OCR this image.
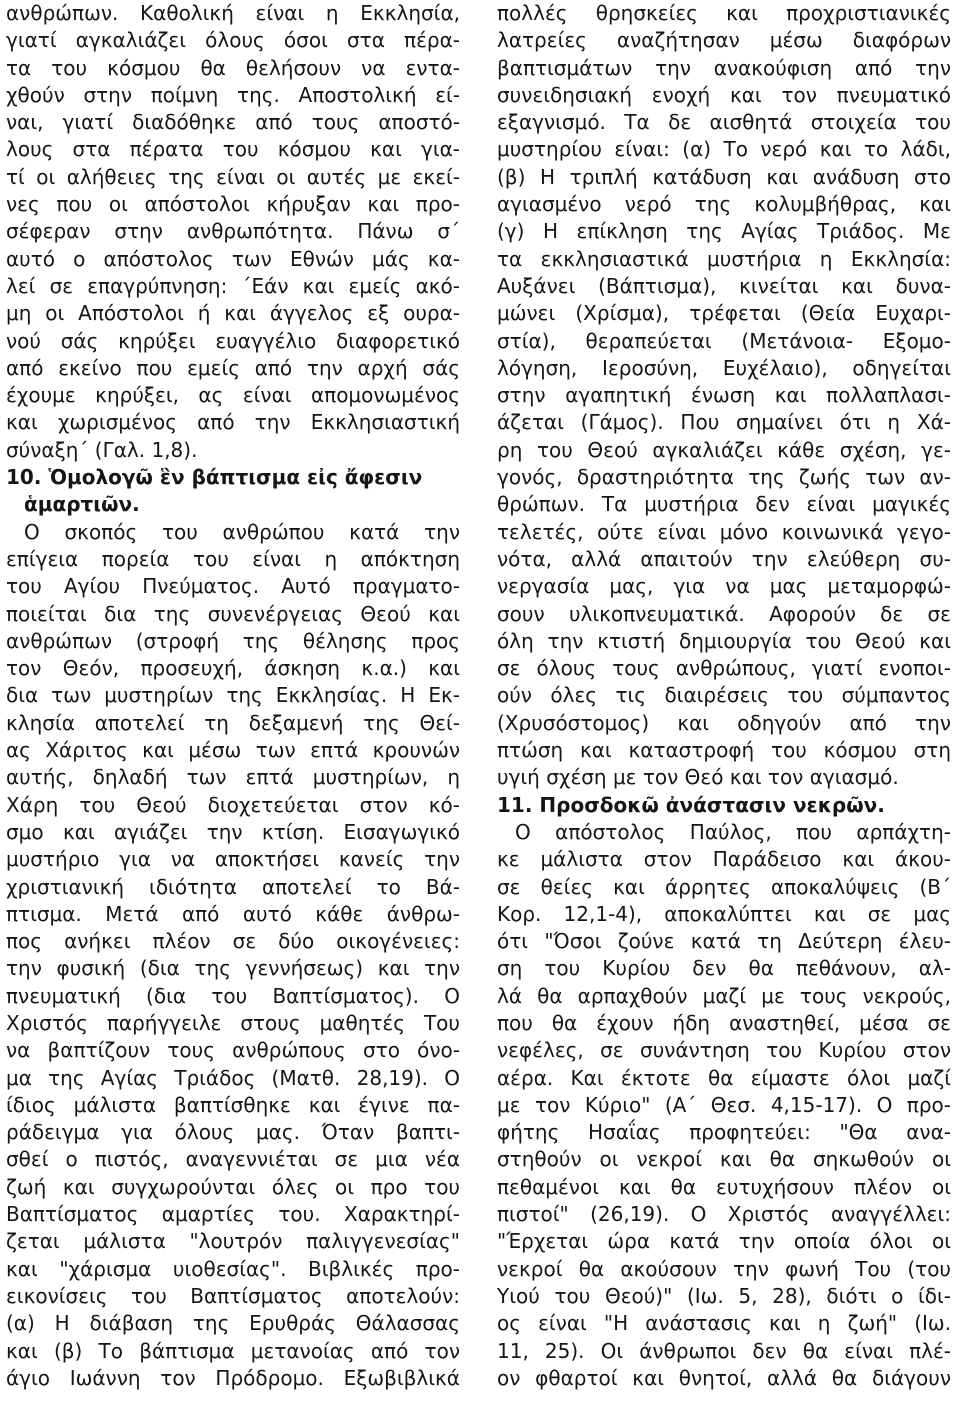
ανθρώπων. Καθολική είναι η Εκκλησία,
γιατί αγκαλιάζει όλους όσοι στα πέρα-
τα του κόσμου θα θελήσουν να εντα-
χθούν στην ποίμνη της. Αποστολική εί-
ναι, γιατί διαδόθηκε από τους αποστό-
λους στα πέρατα του κόσμου και για-
τί οι αλήθειες της είναι οι αυτές με εκεί-
νες που οι απόστολοι κήρυξαν και προ-
σέφεραν στην ανθρωπότητα. Πάνω σ΄
αυτό ο απόστολος των Εθνών μάς κα-
λεί σε επαγρύπνηση: ΄Εάν και εμείς ακό-
μη οι Απόστολοι ή και άγγελος εξ ουρα-
νού σάς κηρύξει ευαγγέλιο διαφορετικό
από εκείνο που εμείς από την αρχή σάς
έχουμε κηρύξει, ας είναι απομονωμένος
και χωρισμένος από την Εκκλησιαστική
σύναξη΄ (Γαλ. 1,8).
10. Ὁμολογῶ ἓν βάπτισμα εἰς ἄφεσιν
ἁμαρτιῶν.
Ο σκοπός του ανθρώπου κατά την
επίγεια πορεία του είναι η απόκτηση
του Αγίου Πνεύματος. Αυτό πραγματο-
ποιείται δια της συνενέργειας Θεού και
ανθρώπων (στροφή της θέλησης προς
τον Θεόν, προσευχή, άσκηση κ.α.) και
δια των μυστηρίων της Εκκλησίας. Η Εκ-
κλησία αποτελεί τη δεξαμενή της Θεί-
ας Χάριτος και μέσω των επτά κρουνών
αυτής, δηλαδή των επτά μυστηρίων, η
Χάρη του Θεού διοχετεύεται στον κό-
σμο και αγιάζει την κτίση. Εισαγωγικό
μυστήριο για να αποκτήσει κανείς την
χριστιανική ιδιότητα αποτελεί το Βά-
πτισμα. Μετά από αυτό κάθε άνθρω-
πος ανήκει πλέον σε δύο οικογένειες:
την φυσική (δια της γεννήσεως) και την
πνευματική (δια του Βαπτίσματος). Ο
Χριστός παρήγγειλε στους μαθητές Του
να βαπτίζουν τους ανθρώπους στο όνο-
μα της Αγίας Τριάδος (Ματθ. 28,19). Ο
ίδιος μάλιστα βαπτίσθηκε και έγινε πα-
ράδειγμα για όλους μας. Όταν βαπτι-
σθεί ο πιστός, αναγεννιέται σε μια νέα
ζωή και συγχωρούνται όλες οι προ του
Βαπτίσματος αμαρτίες του. Χαρακτηρί-
ζεται μάλιστα "λουτρόν παλιγγενεσίας"
και "χάρισμα υιοθεσίας". Βιβλικές προ-
εικονίσεις του Βαπτίσματος αποτελούν:
(α) Η διάβαση της Ερυθράς Θάλασσας
και (β) Το βάπτισμα μετανοίας από τον
άγιο Ιωάννη τον Πρόδρομο. Εξωβιβλικά
πολλές θρησκείες και προχριστιανικές
λατρείες αναζήτησαν μέσω διαφόρων
βαπτισμάτων την ανακούφιση από την
συνειδησιακή ενοχή και τον πνευματικό
εξαγνισμό. Τα δε αισθητά στοιχεία του
μυστηρίου είναι: (α) Το νερό και το λάδι,
(β) Η τριπλή κατάδυση και ανάδυση στο
αγιασμένο νερό της κολυμβήθρας, και
(γ) Η επίκληση της Αγίας Τριάδος. Με
τα εκκλησιαστικά μυστήρια η Εκκλησία:
Αυξάνει (Βάπτισμα), κινείται και δυνα-
μώνει (Χρίσμα), τρέφεται (Θεία Ευχαρι-
στία), θεραπεύεται (Μετάνοια- Εξομο-
λόγηση, Ιεροσύνη, Ευχέλαιο), οδηγείται
στην αγαπητική ένωση και πολλαπλασι-
άζεται (Γάμος). Που σημαίνει ότι η Χά-
ρη του Θεού αγκαλιάζει κάθε σχέση, γε-
γονός, δραστηριότητα της ζωής των αν-
θρώπων. Τα μυστήρια δεν είναι μαγικές
τελετές, ούτε είναι μόνο κοινωνικά γεγο-
νότα, αλλά απαιτούν την ελεύθερη συ-
νεργασία μας, για να μας μεταμορφώ-
σουν υλικοπνευματικά. Αφορούν δε σε
όλη την κτιστή δημιουργία του Θεού και
σε όλους τους ανθρώπους, γιατί ενοποι-
ούν όλες τις διαιρέσεις του σύμπαντος
(Χρυσόστομος) και οδηγούν από την
πτώση και καταστροφή του κόσμου στη
υγιή σχέση με τον Θεό και τον αγιασμό.
11. Προσδοκῶ ἀνάστασιν νεκρῶν.
Ο απόστολος Παύλος, που αρπάχτη-
κε μάλιστα στον Παράδεισο και άκου-
σε θείες και άρρητες αποκαλύψεις (Β΄
Κορ. 12,1-4), αποκαλύπτει και σε μας
ότι "Όσοι ζούνε κατά τη Δεύτερη έλευ-
ση του Κυρίου δεν θα πεθάνουν, αλ-
λά θα αρπαχθούν μαζί με τους νεκρούς,
που θα έχουν ήδη αναστηθεί, μέσα σε
νεφέλες, σε συνάντηση του Κυρίου στον
αέρα. Και έκτοτε θα είμαστε όλοι μαζί
με τον Κύριο" (Α΄ Θεσ. 4,15-17). Ο προ-
φήτης Ησαΐας προφητεύει: "Θα ανα-
στηθούν οι νεκροί και θα σηκωθούν οι
πεθαμένοι και θα ευτυχήσουν πλέον οι
πιστοί" (26,19). Ο Χριστός αναγγέλλει:
"Έρχεται ώρα κατά την οποία όλοι οι
νεκροί θα ακούσουν την φωνή Του (του
Υιού του Θεού)" (Ιω. 5, 28), διότι ο ίδι-
ος είναι "Η ανάστασις και η ζωή" (Ιω.
11, 25). Οι άνθρωποι δεν θα είναι πλέ-
ον φθαρτοί και θνητοί, αλλά θα διάγουν
